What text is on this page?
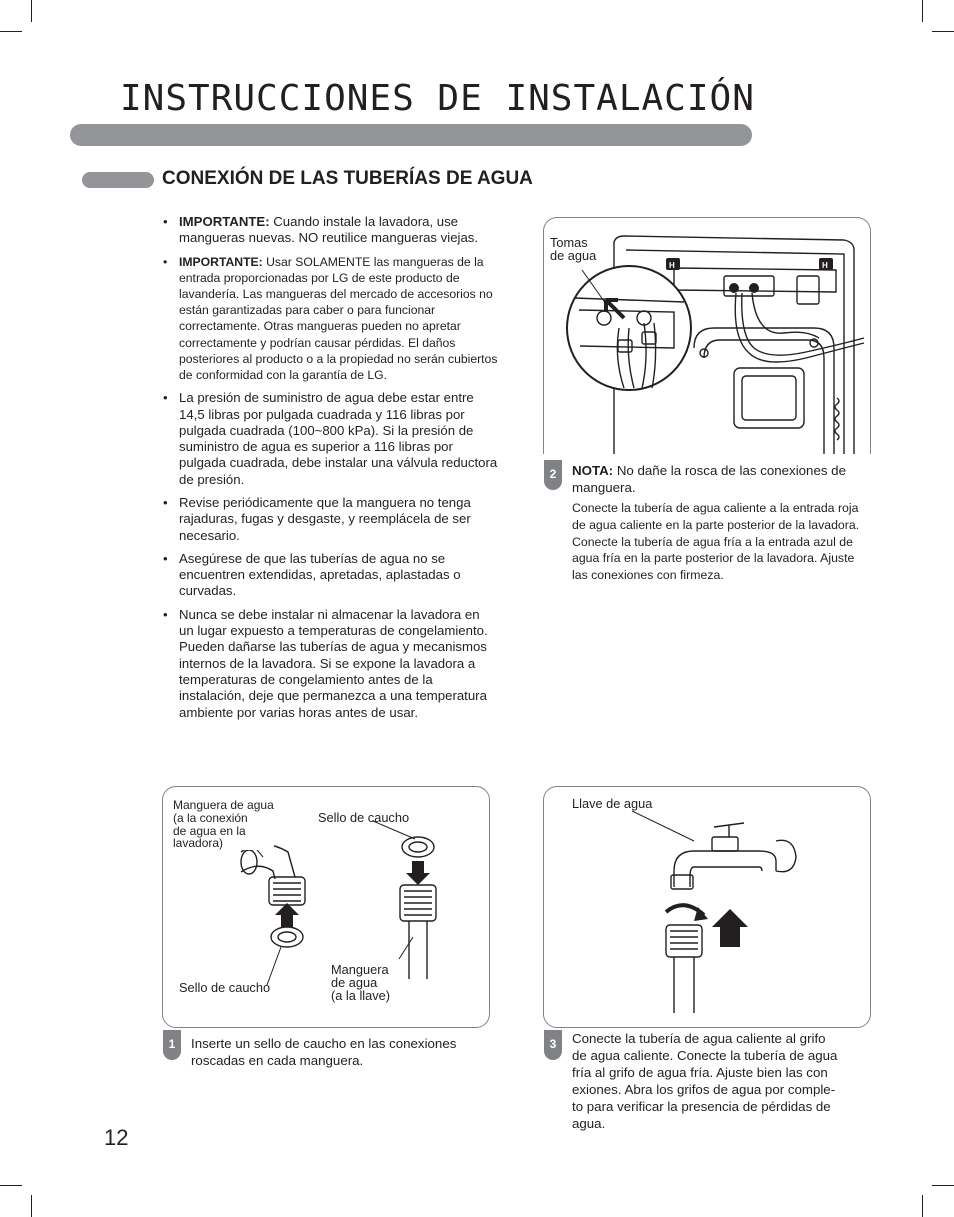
INSTRUCCIONES DE INSTALACIÓN
CONEXIÓN DE LAS TUBERÍAS DE AGUA
• IMPORTANTE: Cuando instale la lavadora, use mangueras nuevas. NO reutilice mangueras viejas.
• IMPORTANTE: Usar SOLAMENTE las mangueras de la entrada proporcionadas por LG de este producto de lavandería. Las mangueras del mercado de accesorios no están garantizadas para caber o para funcionar correctamente. Otras mangueras pueden no apretar correctamente y podrían causar pérdidas. El daños posteriores al producto o a la propiedad no serán cubiertos de conformidad con la garantía de LG.
• La presión de suministro de agua debe estar entre 14,5 libras por pulgada cuadrada y 116 libras por pulgada cuadrada (100~800 kPa). Si la presión de suministro de agua es superior a 116 libras por pulgada cuadrada, debe instalar una válvula reductora de presión.
• Revise periódicamente que la manguera no tenga rajaduras, fugas y desgaste, y reemplácela de ser necesario.
• Asegúrese de que las tuberías de agua no se encuentren extendidas, apretadas, aplastadas o curvadas.
• Nunca se debe instalar ni almacenar la lavadora en un lugar expuesto a temperaturas de congelamiento. Pueden dañarse las tuberías de agua y mecanismos internos de la lavadora. Si se expone la lavadora a temperaturas de congelamiento antes de la instalación, deje que permanezca a una temperatura ambiente por varias horas antes de usar.
H	H
Tomas
de agua
2	NOTA: No dañe la rosca de las conexiones de manguera.
Conecte la tubería de agua caliente a la entrada roja de agua caliente en la parte posterior de la lavadora. Conecte la tubería de agua fría a la entrada azul de agua fría en la parte posterior de la lavadora. Ajuste las conexiones con firmeza.
Manguera de agua
(a la conexión
de agua en la
lavadora)
Sello de caucho
Sello de caucho
Manguera
de agua
(a la llave)
1	Inserte un sello de caucho en las conexiones roscadas en cada manguera.
Llave de agua
3	Conecte la tubería de agua caliente al grifo
de agua caliente. Conecte la tubería de agua
fría al grifo de agua fría. Ajuste bien las con
exiones. Abra los grifos de agua por comple-
to para verificar la presencia de pérdidas de
agua.
12
